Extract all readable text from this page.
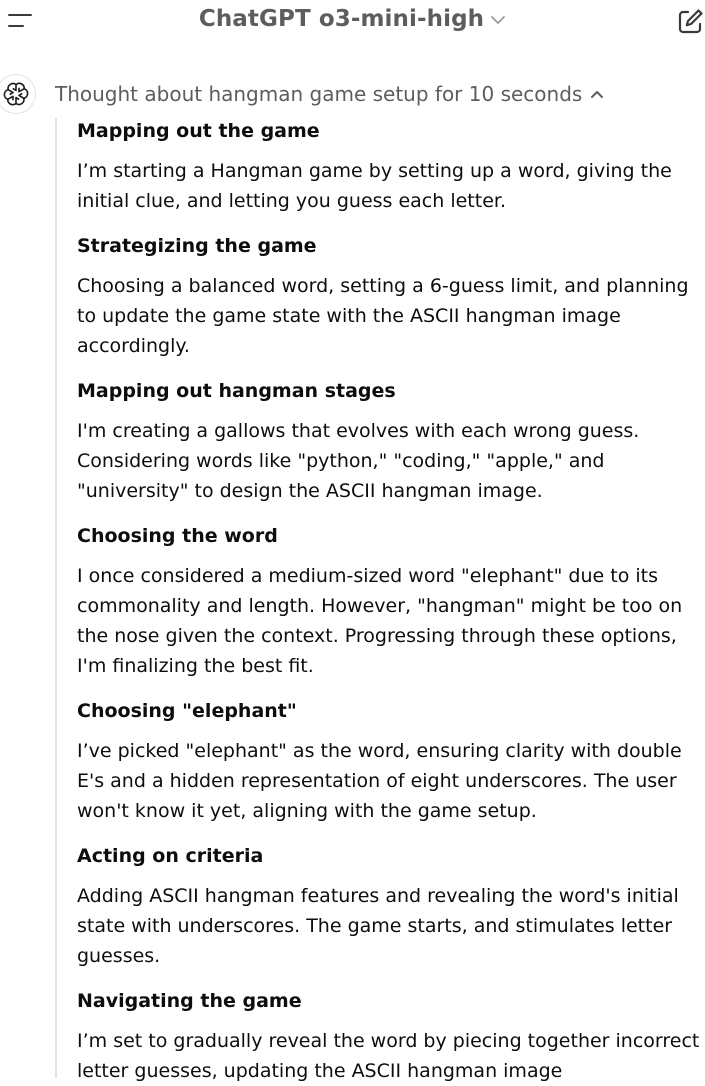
ChatGPT o3-mini-high
Thought about hangman game setup for 10 seconds
Mapping out the game

I’m starting a Hangman game by setting up a word, giving the initial clue, and letting you guess each letter.

Strategizing the game

Choosing a balanced word, setting a 6-guess limit, and planning to update the game state with the ASCII hangman image accordingly.

Mapping out hangman stages

I'm creating a gallows that evolves with each wrong guess. Considering words like "python," "coding," "apple," and "university" to design the ASCII hangman image.

Choosing the word

I once considered a medium-sized word "elephant" due to its commonality and length. However, "hangman" might be too on the nose given the context. Progressing through these options, I'm finalizing the best fit.

Choosing "elephant"

I’ve picked "elephant" as the word, ensuring clarity with double E's and a hidden representation of eight underscores. The user won't know it yet, aligning with the game setup.

Acting on criteria

Adding ASCII hangman features and revealing the word's initial state with underscores. The game starts, and stimulates letter guesses.

Navigating the game

I’m set to gradually reveal the word by piecing together incorrect letter guesses, updating the ASCII hangman image
